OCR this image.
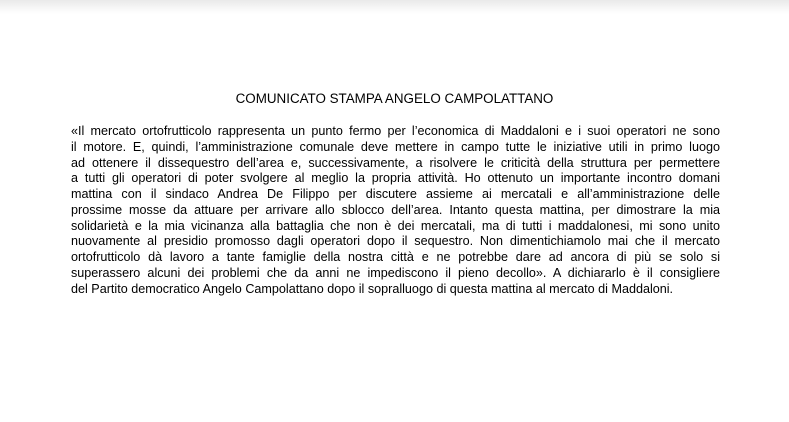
COMUNICATO STAMPA ANGELO CAMPOLATTANO
«Il mercato ortofrutticolo rappresenta un punto fermo per l’economica di Maddaloni e i suoi operatori ne sono
il motore. E, quindi, l’amministrazione comunale deve mettere in campo tutte le iniziative utili in primo luogo
ad ottenere il dissequestro dell’area e, successivamente, a risolvere le criticità della struttura per permettere
a tutti gli operatori di poter svolgere al meglio la propria attività. Ho ottenuto un importante incontro domani
mattina con il sindaco Andrea De Filippo per discutere assieme ai mercatali e all’amministrazione delle
prossime mosse da attuare per arrivare allo sblocco dell’area. Intanto questa mattina, per dimostrare la mia
solidarietà e la mia vicinanza alla battaglia che non è dei mercatali, ma di tutti i maddalonesi, mi sono unito
nuovamente al presidio promosso dagli operatori dopo il sequestro. Non dimentichiamolo mai che il mercato
ortofrutticolo dà lavoro a tante famiglie della nostra città e ne potrebbe dare ad ancora di più se solo si
superassero alcuni dei problemi che da anni ne impediscono il pieno decollo». A dichiararlo è il consigliere
del Partito democratico Angelo Campolattano dopo il sopralluogo di questa mattina al mercato di Maddaloni.
